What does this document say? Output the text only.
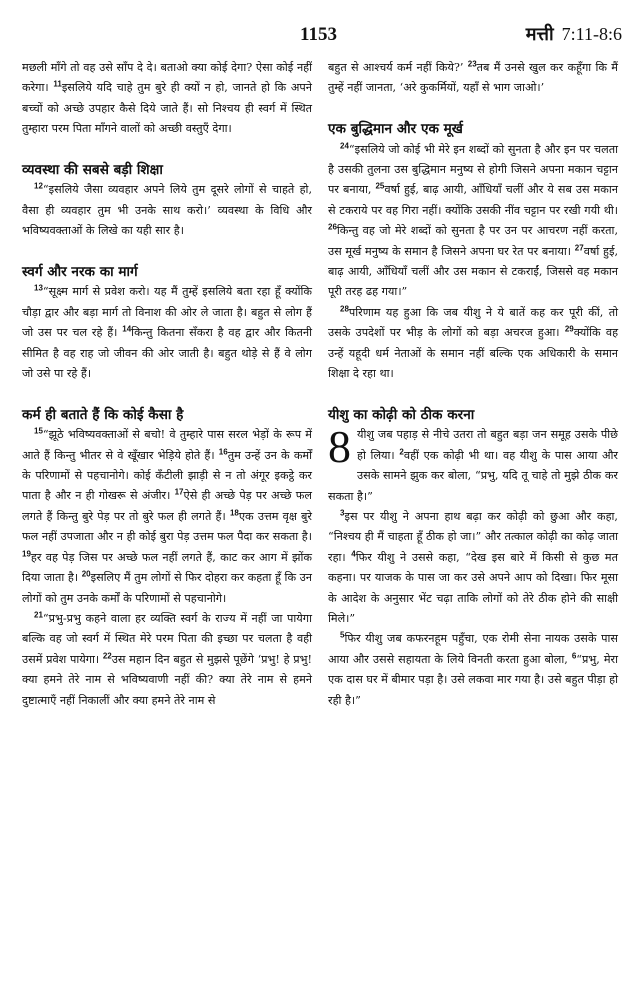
1153	मत्ती 7:11-8:6

मछली माँगे तो वह उसे साँप दे दे। बताओ क्या कोई देगा? ऐसा कोई नहीं करेगा। $^{11}$इसलिये यदि चाहे तुम बुरे ही क्यों न हो, जानते हो कि अपने बच्चों को अच्छे उपहार कैसे दिये जाते हैं। सो निश्चय ही स्वर्ग में स्थित तुम्हारा परम पिता माँगने वालों को अच्छी वस्तुएँ देगा।

व्यवस्था की सबसे बड़ी शिक्षा

$^{12}$“इसलिये जैसा व्यवहार अपने लिये तुम दूसरे लोगों से चाहते हो, वैसा ही व्यवहार तुम भी उनके साथ करो।’ व्यवस्था के विधि और भविष्यवक्ताओं के लिखे का यही सार है।

स्वर्ग और नरक का मार्ग

$^{13}$“सूक्ष्म मार्ग से प्रवेश करो। यह मैं तुम्हें इसलिये बता रहा हूँ क्योंकि चौड़ा द्वार और बड़ा मार्ग तो विनाश की ओर ले जाता है। बहुत से लोग हैं जो उस पर चल रहे हैं। $^{14}$किन्तु कितना सँकरा है वह द्वार और कितनी सीमित है वह राह जो जीवन की ओर जाती है। बहुत थोड़े से हैं वे लोग जो उसे पा रहे हैं।

कर्म ही बताते हैं कि कोई कैसा है

$^{15}$“झूठे भविष्यवक्ताओं से बचो! वे तुम्हारे पास सरल भेड़ों के रूप में आते हैं किन्तु भीतर से वे खूँखार भेड़िये होते हैं। $^{16}$तुम उन्हें उन के कर्मों के परिणामों से पहचानोगे। कोई कँटीली झाड़ी से न तो अंगूर इकट्ठे कर पाता है और न ही गोखरू से अंजीर। $^{17}$ऐसे ही अच्छे पेड़ पर अच्छे फल लगते हैं किन्तु बुरे पेड़ पर तो बुरे फल ही लगते हैं। $^{18}$एक उत्तम वृक्ष बुरे फल नहीं उपजाता और न ही कोई बुरा पेड़ उत्तम फल पैदा कर सकता है। $^{19}$हर वह पेड़ जिस पर अच्छे फल नहीं लगते हैं, काट कर आग में झोंक दिया जाता है। $^{20}$इसलिए मैं तुम लोगों से फिर दोहरा कर कहता हूँ कि उन लोगों को तुम उनके कर्मों के परिणामों से पहचानोगे।

$^{21}$“प्रभु-प्रभु कहने वाला हर व्यक्ति स्वर्ग के राज्य में नहीं जा पायेगा बल्कि वह जो स्वर्ग में स्थित मेरे परम पिता की इच्छा पर चलता है वही उसमें प्रवेश पायेगा। $^{22}$उस महान दिन बहुत से मुझसे पूछेंगे ‘प्रभु! हे प्रभु! क्या हमने तेरे नाम से भविष्यवाणी नहीं की? क्या तेरे नाम से हमने दुष्टात्माएँ नहीं निकालीं और क्या हमने तेरे नाम से

बहुत से आश्चर्य कर्म नहीं किये?’ $^{23}$तब मैं उनसे खुल कर कहूँगा कि मैं तुम्हें नहीं जानता, ‘अरे कुकर्मियों, यहाँ से भाग जाओ।’

एक बुद्धिमान और एक मूर्ख

$^{24}$“इसलिये जो कोई भी मेरे इन शब्दों को सुनता है और इन पर चलता है उसकी तुलना उस बुद्धिमान मनुष्य से होगी जिसने अपना मकान चट्टान पर बनाया, $^{25}$वर्षा हुई, बाढ़ आयी, आँधियाँ चलीं और ये सब उस मकान से टकराये पर वह गिरा नहीं। क्योंकि उसकी नींव चट्टान पर रखी गयी थी। $^{26}$किन्तु वह जो मेरे शब्दों को सुनता है पर उन पर आचरण नहीं करता, उस मूर्ख मनुष्य के समान है जिसने अपना घर रेत पर बनाया। $^{27}$वर्षा हुई, बाढ़ आयी, आँधियाँ चलीं और उस मकान से टकराईं, जिससे वह मकान पूरी तरह ढह गया।”

$^{28}$परिणाम यह हुआ कि जब यीशु ने ये बातें कह कर पूरी कीं, तो उसके उपदेशों पर भीड़ के लोगों को बड़ा अचरज हुआ। $^{29}$क्योंकि वह उन्हें यहूदी धर्म नेताओं के समान नहीं बल्कि एक अधिकारी के समान शिक्षा दे रहा था।

यीशु का कोढ़ी को ठीक करना

8 यीशु जब पहाड़ से नीचे उतरा तो बहुत बड़ा जन समूह उसके पीछे हो लिया। $^2$वहीं एक कोढ़ी भी था। वह यीशु के पास आया और उसके सामने झुक कर बोला, “प्रभु, यदि तू चाहे तो मुझे ठीक कर सकता है।”

$^3$इस पर यीशु ने अपना हाथ बढ़ा कर कोढ़ी को छुआ और कहा, “निश्चय ही मैं चाहता हूँ ठीक हो जा।” और तत्काल कोढ़ी का कोढ़ जाता रहा। $^4$फिर यीशु ने उससे कहा, “देख इस बारे में किसी से कुछ मत कहना। पर याजक के पास जा कर उसे अपने आप को दिखा। फिर मूसा के आदेश के अनुसार भेंट चढ़ा ताकि लोगों को तेरे ठीक होने की साक्षी मिले।”

$^5$फिर यीशु जब कफरनहूम पहुँचा, एक रोमी सेना नायक उसके पास आया और उससे सहायता के लिये विनती करता हुआ बोला, $^6$“प्रभु, मेरा एक दास घर में बीमार पड़ा है। उसे लकवा मार गया है। उसे बहुत पीड़ा हो रही है।”
